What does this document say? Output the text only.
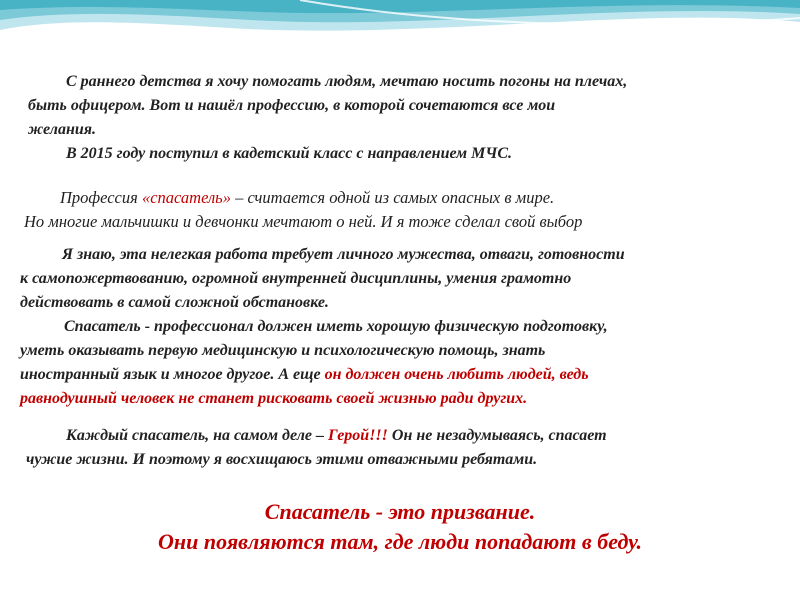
С раннего детства я хочу помогать людям, мечтаю носить погоны на плечах,
быть офицером. Вот и нашёл профессию, в которой сочетаются все мои
желания.
В 2015 году поступил в кадетский класс с направлением МЧС.
Профессия «спасатель» – считается одной из самых опасных в мире.
Но многие мальчишки и девчонки мечтают о ней. И я тоже сделал свой выбор
Я знаю, эта нелегкая работа требует личного мужества, отваги, готовности
к самопожертвованию, огромной внутренней дисциплины, умения грамотно
действовать в самой сложной обстановке.
Спасатель - профессионал должен иметь хорошую физическую подготовку,
уметь оказывать первую медицинскую и психологическую помощь, знать
иностранный язык и многое другое. А еще он должен очень любить людей, ведь
равнодушный человек не станет рисковать своей жизнью ради других.
Каждый спасатель, на самом деле – Герой!!! Он не незадумываясь, спасает
чужие жизни. И поэтому я восхищаюсь этими отважными ребятами.
Спасатель - это призвание.
Они появляются там, где люди попадают в беду.
